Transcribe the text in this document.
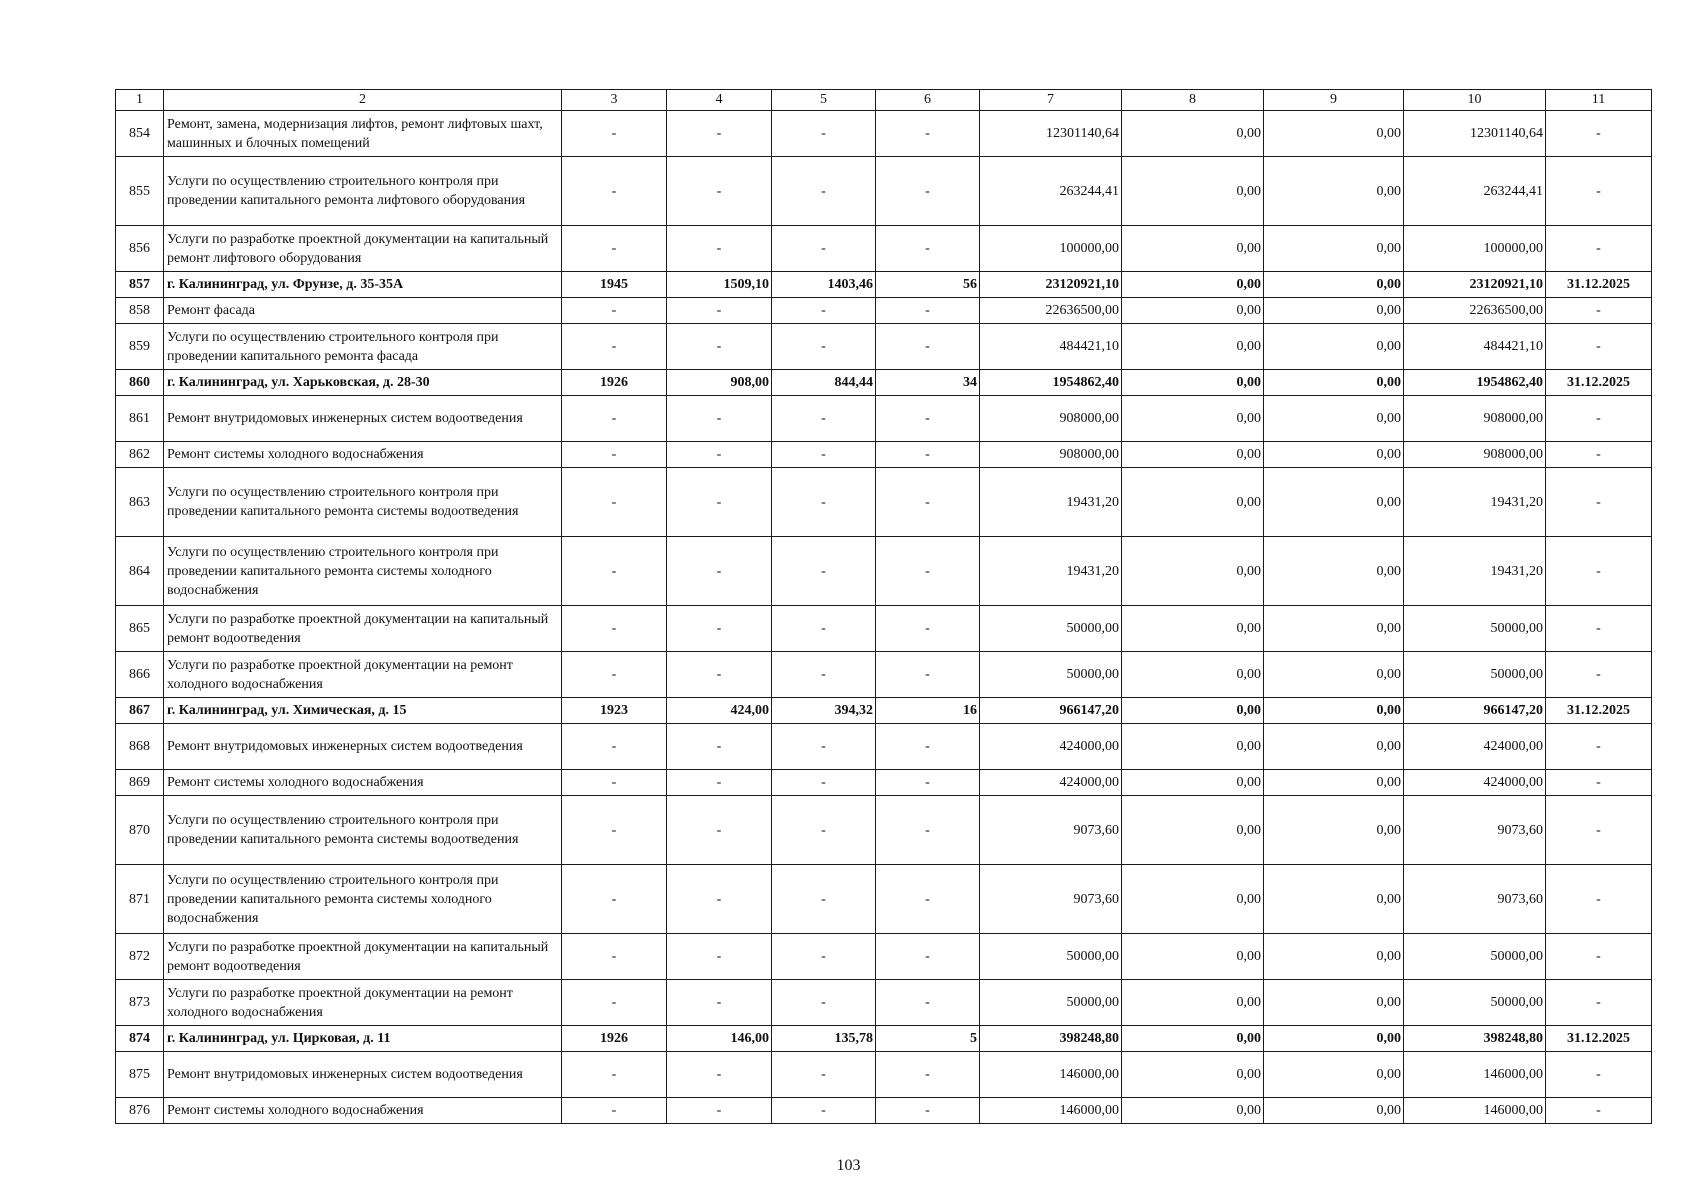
1	2	3	4	5	6	7	8	9	10	11
854	Ремонт, замена, модернизация лифтов, ремонт лифтовых шахт, машинных и блочных помещений	-	-	-	-	12301140,64	0,00	0,00	12301140,64	-
855	Услуги по осуществлению строительного контроля при проведении капитального ремонта лифтового оборудования	-	-	-	-	263244,41	0,00	0,00	263244,41	-
856	Услуги по разработке проектной документации на капитальный ремонт лифтового оборудования	-	-	-	-	100000,00	0,00	0,00	100000,00	-
857	г. Калининград, ул. Фрунзе, д. 35-35А	1945	1509,10	1403,46	56	23120921,10	0,00	0,00	23120921,10	31.12.2025
858	Ремонт фасада	-	-	-	-	22636500,00	0,00	0,00	22636500,00	-
859	Услуги по осуществлению строительного контроля при проведении капитального ремонта фасада	-	-	-	-	484421,10	0,00	0,00	484421,10	-
860	г. Калининград, ул. Харьковская, д. 28-30	1926	908,00	844,44	34	1954862,40	0,00	0,00	1954862,40	31.12.2025
861	Ремонт внутридомовых инженерных систем водоотведения	-	-	-	-	908000,00	0,00	0,00	908000,00	-
862	Ремонт системы холодного водоснабжения	-	-	-	-	908000,00	0,00	0,00	908000,00	-
863	Услуги по осуществлению строительного контроля при проведении капитального ремонта системы водоотведения	-	-	-	-	19431,20	0,00	0,00	19431,20	-
864	Услуги по осуществлению строительного контроля при проведении капитального ремонта системы холодного водоснабжения	-	-	-	-	19431,20	0,00	0,00	19431,20	-
865	Услуги по разработке проектной документации на капитальный ремонт водоотведения	-	-	-	-	50000,00	0,00	0,00	50000,00	-
866	Услуги по разработке проектной документации на ремонт холодного водоснабжения	-	-	-	-	50000,00	0,00	0,00	50000,00	-
867	г. Калининград, ул. Химическая, д. 15	1923	424,00	394,32	16	966147,20	0,00	0,00	966147,20	31.12.2025
868	Ремонт внутридомовых инженерных систем водоотведения	-	-	-	-	424000,00	0,00	0,00	424000,00	-
869	Ремонт системы холодного водоснабжения	-	-	-	-	424000,00	0,00	0,00	424000,00	-
870	Услуги по осуществлению строительного контроля при проведении капитального ремонта системы водоотведения	-	-	-	-	9073,60	0,00	0,00	9073,60	-
871	Услуги по осуществлению строительного контроля при проведении капитального ремонта системы холодного водоснабжения	-	-	-	-	9073,60	0,00	0,00	9073,60	-
872	Услуги по разработке проектной документации на капитальный ремонт водоотведения	-	-	-	-	50000,00	0,00	0,00	50000,00	-
873	Услуги по разработке проектной документации на ремонт холодного водоснабжения	-	-	-	-	50000,00	0,00	0,00	50000,00	-
874	г. Калининград, ул. Цирковая, д. 11	1926	146,00	135,78	5	398248,80	0,00	0,00	398248,80	31.12.2025
875	Ремонт внутридомовых инженерных систем водоотведения	-	-	-	-	146000,00	0,00	0,00	146000,00	-
876	Ремонт системы холодного водоснабжения	-	-	-	-	146000,00	0,00	0,00	146000,00	-
103
